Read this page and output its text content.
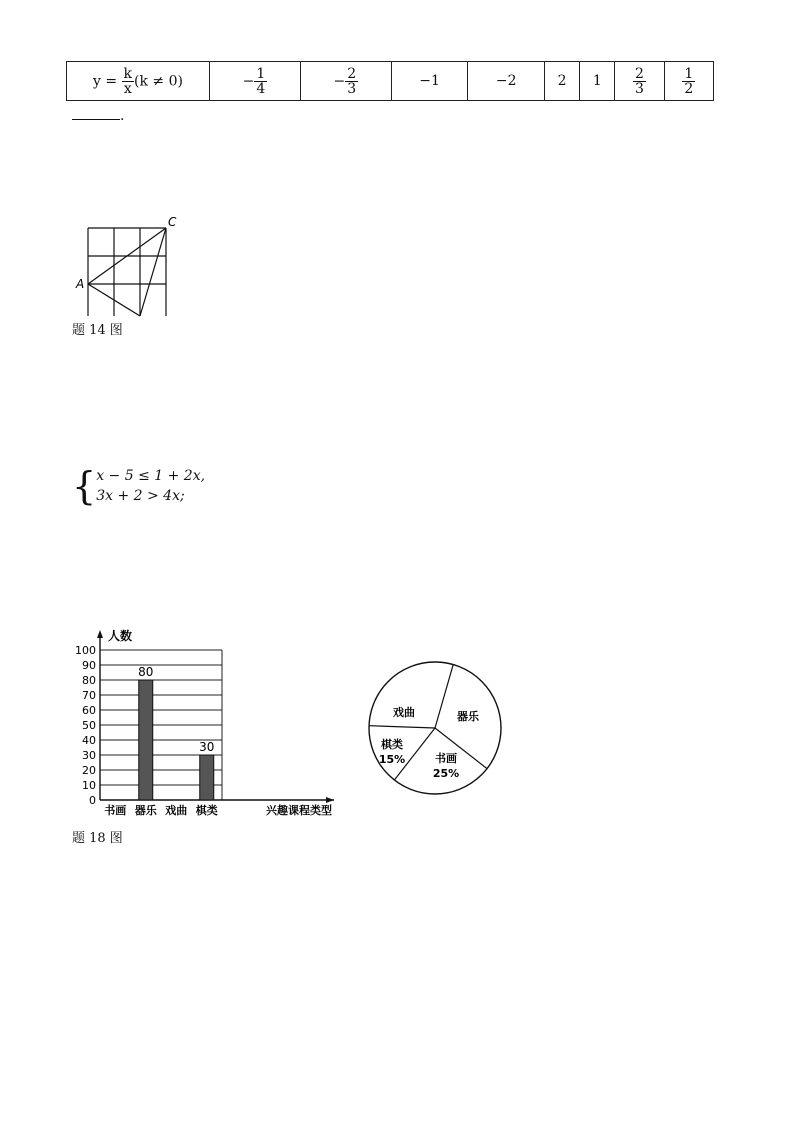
$y = \frac{k}{x} (k \ne 0)$	− $\frac{1}{4}$	− $\frac{2}{3}$	−1	−2	2	1	$\frac{2}{3}$	$\frac{1}{2}$
.
A
C
题 14 图
{ x − 5 ≤ 1 + 2x,
3x + 2 > 4x;
0
10
20
30
40
50
60
70
80
90
100
人数
书画
80
器乐 戏曲
30
棋类	兴趣课程类型
器乐
书画
25%
棋类
15%
戏曲
题 18 图
